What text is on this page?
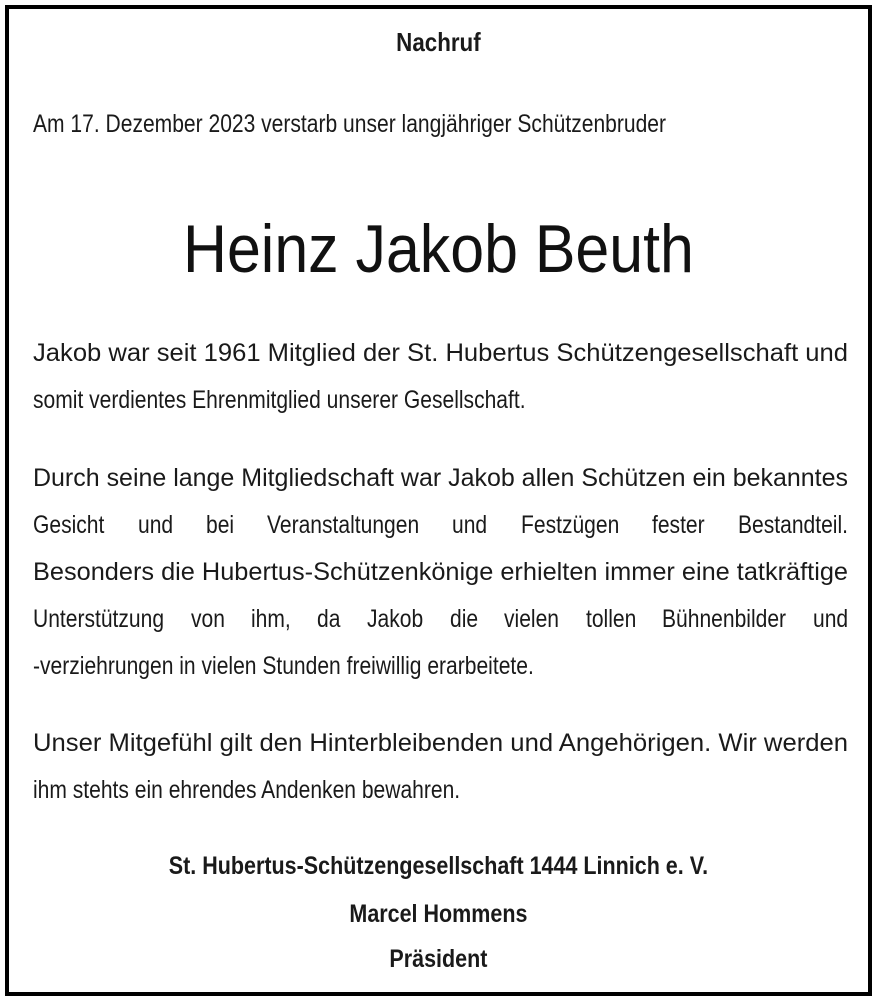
Nachruf
Am 17. Dezember 2023 verstarb unser langjähriger Schützenbruder
Heinz Jakob Beuth
Jakob war seit 1961 Mitglied der St. Hubertus Schützengesellschaft und
somit verdientes Ehrenmitglied unserer Gesellschaft.
Durch seine lange Mitgliedschaft war Jakob allen Schützen ein bekanntes
Gesicht und bei Veranstaltungen und Festzügen fester Bestandteil.
Besonders die Hubertus-Schützenkönige erhielten immer eine tatkräftige
Unterstützung von ihm, da Jakob die vielen tollen Bühnenbilder und
-verziehrungen in vielen Stunden freiwillig erarbeitete.
Unser Mitgefühl gilt den Hinterbleibenden und Angehörigen. Wir werden
ihm stehts ein ehrendes Andenken bewahren.
St. Hubertus-Schützengesellschaft 1444 Linnich e. V.
Marcel Hommens
Präsident
